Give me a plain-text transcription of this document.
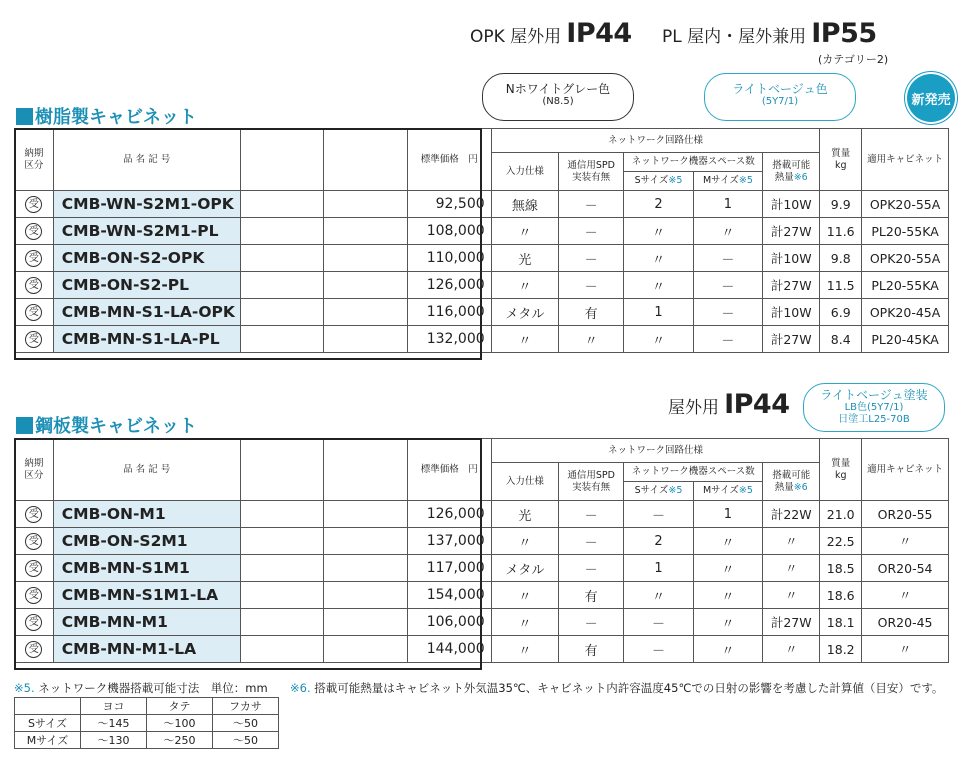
OPK 屋外用 IP44 PL 屋内・屋外兼用 IP55
(カテゴリー2)
樹脂製キャビネット
Nホワイトグレー色
(N8.5)
ライトベージュ色
(5Y7/1)	新発売
納期
区分	品 名 記 号			標準価格　円	ネットワーク回路仕様					質量
kg	適用キャビネット
					入力仕様	通信用SPD
実装有無	ネットワーク機器スペース数		搭載可能
熱量※6		
							Sサイズ※5	Mサイズ※5			
受	CMB-WN-S2M1-OPK			92,500	無線	－	2	1	計10W	9.9	OPK20-55A
受	CMB-WN-S2M1-PL			108,000	〃	－	〃	〃	計27W	11.6	PL20-55KA
受	CMB-ON-S2-OPK			110,000	光	－	〃	－	計10W	9.8	OPK20-55A
受	CMB-ON-S2-PL			126,000	〃	－	〃	－	計27W	11.5	PL20-55KA
受	CMB-MN-S1-LA-OPK			116,000	メタル	有	1	－	計10W	6.9	OPK20-45A
受	CMB-MN-S1-LA-PL			132,000	〃	〃	〃	－	計27W	8.4	PL20-45KA
屋外用 IP44	ライトベージュ塗装
LB色(5Y7/1)
日塗工L25-70B
鋼板製キャビネット
納期
区分	品 名 記 号			標準価格　円	ネットワーク回路仕様					質量
kg	適用キャビネット
					入力仕様	通信用SPD
実装有無	ネットワーク機器スペース数		搭載可能
熱量※6		
							Sサイズ※5	Mサイズ※5			
受	CMB-ON-M1			126,000	光	－	－	1	計22W	21.0	OR20-55
受	CMB-ON-S2M1			137,000	〃	－	2	〃	〃	22.5	〃
受	CMB-MN-S1M1			117,000	メタル	－	1	〃	〃	18.5	OR20-54
受	CMB-MN-S1M1-LA			154,000	〃	有	〃	〃	〃	18.6	〃
受	CMB-MN-M1			106,000	〃	－	－	〃	計27W	18.1	OR20-45
受	CMB-MN-M1-LA			144,000	〃	有	－	〃	〃	18.2	〃
※5. ネットワーク機器搭載可能寸法　単位：mm ※6. 搭載可能熱量はキャビネット外気温35℃、キャビネット内許容温度45℃での日射の影響を考慮した計算値（目安）です。
	ヨコ	タテ	フカサ
Sサイズ	～145	～100	～50
Mサイズ	～130	～250	～50
